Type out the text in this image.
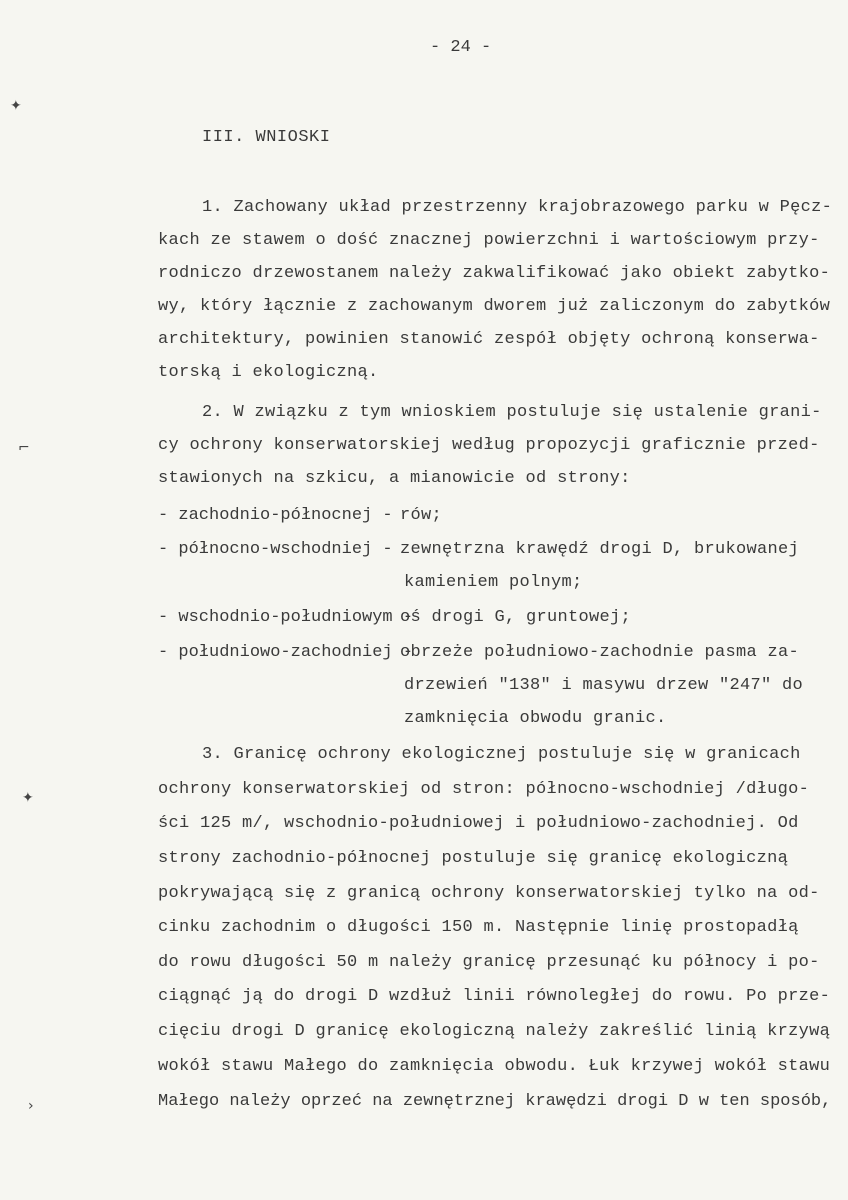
- 24 -
III. WNIOSKI
1. Zachowany układ przestrzenny krajobrazowego parku w Pęcz-
kach ze stawem o dość znacznej powierzchni i wartościowym przy-
rodniczo drzewostanem należy zakwalifikować jako obiekt zabytko-
wy, który łącznie z zachowanym dworem już zaliczonym do zabytków
architektury, powinien stanowić zespół objęty ochroną konserwa-
torską i ekologiczną.
2. W związku z tym wnioskiem postuluje się ustalenie grani-
cy ochrony konserwatorskiej według propozycji graficznie przed-
stawionych na szkicu, a mianowicie od strony:
- zachodnio-północnej - rów;
- północno-wschodniej - zewnętrzna krawędź drogi D, brukowanej
kamieniem polnym;
- wschodnio-południowym -
oś drogi G, gruntowej;
- południowo-zachodniej -
obrzeże południowo-zachodnie pasma za-
drzewień "138" i masywu drzew "247" do
zamknięcia obwodu granic.
3. Granicę ochrony ekologicznej postuluje się w granicach
ochrony konserwatorskiej od stron: północno-wschodniej /długo-
ści 125 m/, wschodnio-południowej i południowo-zachodniej. Od
strony zachodnio-północnej postuluje się granicę ekologiczną
pokrywającą się z granicą ochrony konserwatorskiej tylko na od-
cinku zachodnim o długości 150 m. Następnie linię prostopadłą
do rowu długości 50 m należy granicę przesunąć ku północy i po-
ciągnąć ją do drogi D wzdłuż linii równoległej do rowu. Po prze-
cięciu drogi D granicę ekologiczną należy zakreślić linią krzywą
wokół stawu Małego do zamknięcia obwodu. Łuk krzywej wokół stawu
Małego należy oprzeć na zewnętrznej krawędzi drogi D w ten sposób,
✦
⌐
✦
›
